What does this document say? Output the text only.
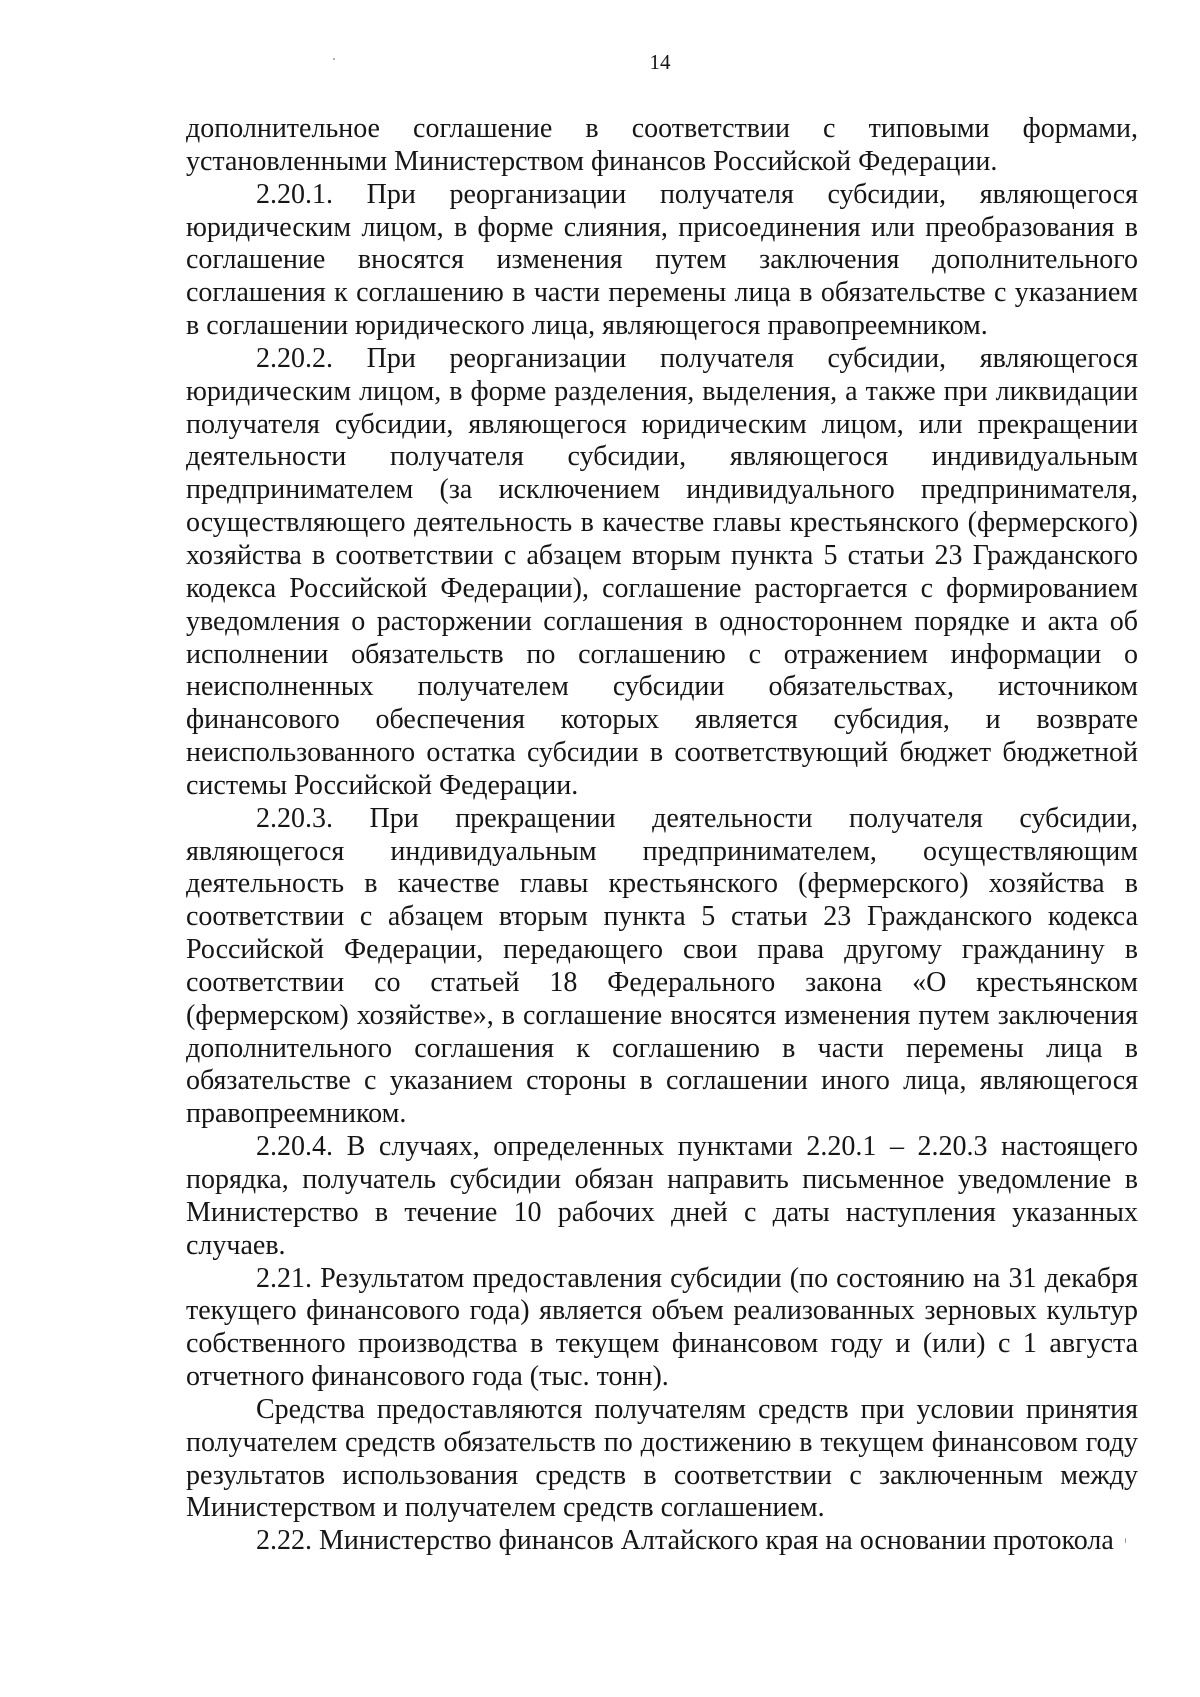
14

дополнительное соглашение в соответствии с типовыми формами, установленными Министерством финансов Российской Федерации.

2.20.1. При реорганизации получателя субсидии, являющегося юридическим лицом, в форме слияния, присоединения или преобразования в соглашение вносятся изменения путем заключения дополнительного соглашения к соглашению в части перемены лица в обязательстве с указанием в соглашении юридического лица, являющегося правопреемником.

2.20.2. При реорганизации получателя субсидии, являющегося юридическим лицом, в форме разделения, выделения, а также при ликвидации получателя субсидии, являющегося юридическим лицом, или прекращении деятельности получателя субсидии, являющегося индивидуальным предпринимателем (за исключением индивидуального предпринимателя, осуществляющего деятельность в качестве главы крестьянского (фермерского) хозяйства в соответствии с абзацем вторым пункта 5 статьи 23 Гражданского кодекса Российской Федерации), соглашение расторгается с формированием уведомления о расторжении соглашения в одностороннем порядке и акта об исполнении обязательств по соглашению с отражением информации о неисполненных получателем субсидии обязательствах, источником финансового обеспечения которых является субсидия, и возврате неиспользованного остатка субсидии в соответствующий бюджет бюджетной системы Российской Федерации.

2.20.3. При прекращении деятельности получателя субсидии, являющегося индивидуальным предпринимателем, осуществляющим деятельность в качестве главы крестьянского (фермерского) хозяйства в соответствии с абзацем вторым пункта 5 статьи 23 Гражданского кодекса Российской Федерации, передающего свои права другому гражданину в соответствии со статьей 18 Федерального закона «О крестьянском (фермерском) хозяйстве», в соглашение вносятся изменения путем заключения дополнительного соглашения к соглашению в части перемены лица в обязательстве с указанием стороны в соглашении иного лица, являющегося правопреемником.

2.20.4. В случаях, определенных пунктами 2.20.1 – 2.20.3 настоящего порядка, получатель субсидии обязан направить письменное уведомление в Министерство в течение 10 рабочих дней с даты наступления указанных случаев.

2.21. Результатом предоставления субсидии (по состоянию на 31 декабря текущего финансового года) является объем реализованных зерновых культур собственного производства в текущем финансовом году и (или) с 1 августа отчетного финансового года (тыс. тонн).

Средства предоставляются получателям средств при условии принятия получателем средств обязательств по достижению в текущем финансовом году результатов использования средств в соответствии с заключенным между Министерством и получателем средств соглашением.

2.22. Министерство финансов Алтайского края на основании протокола
